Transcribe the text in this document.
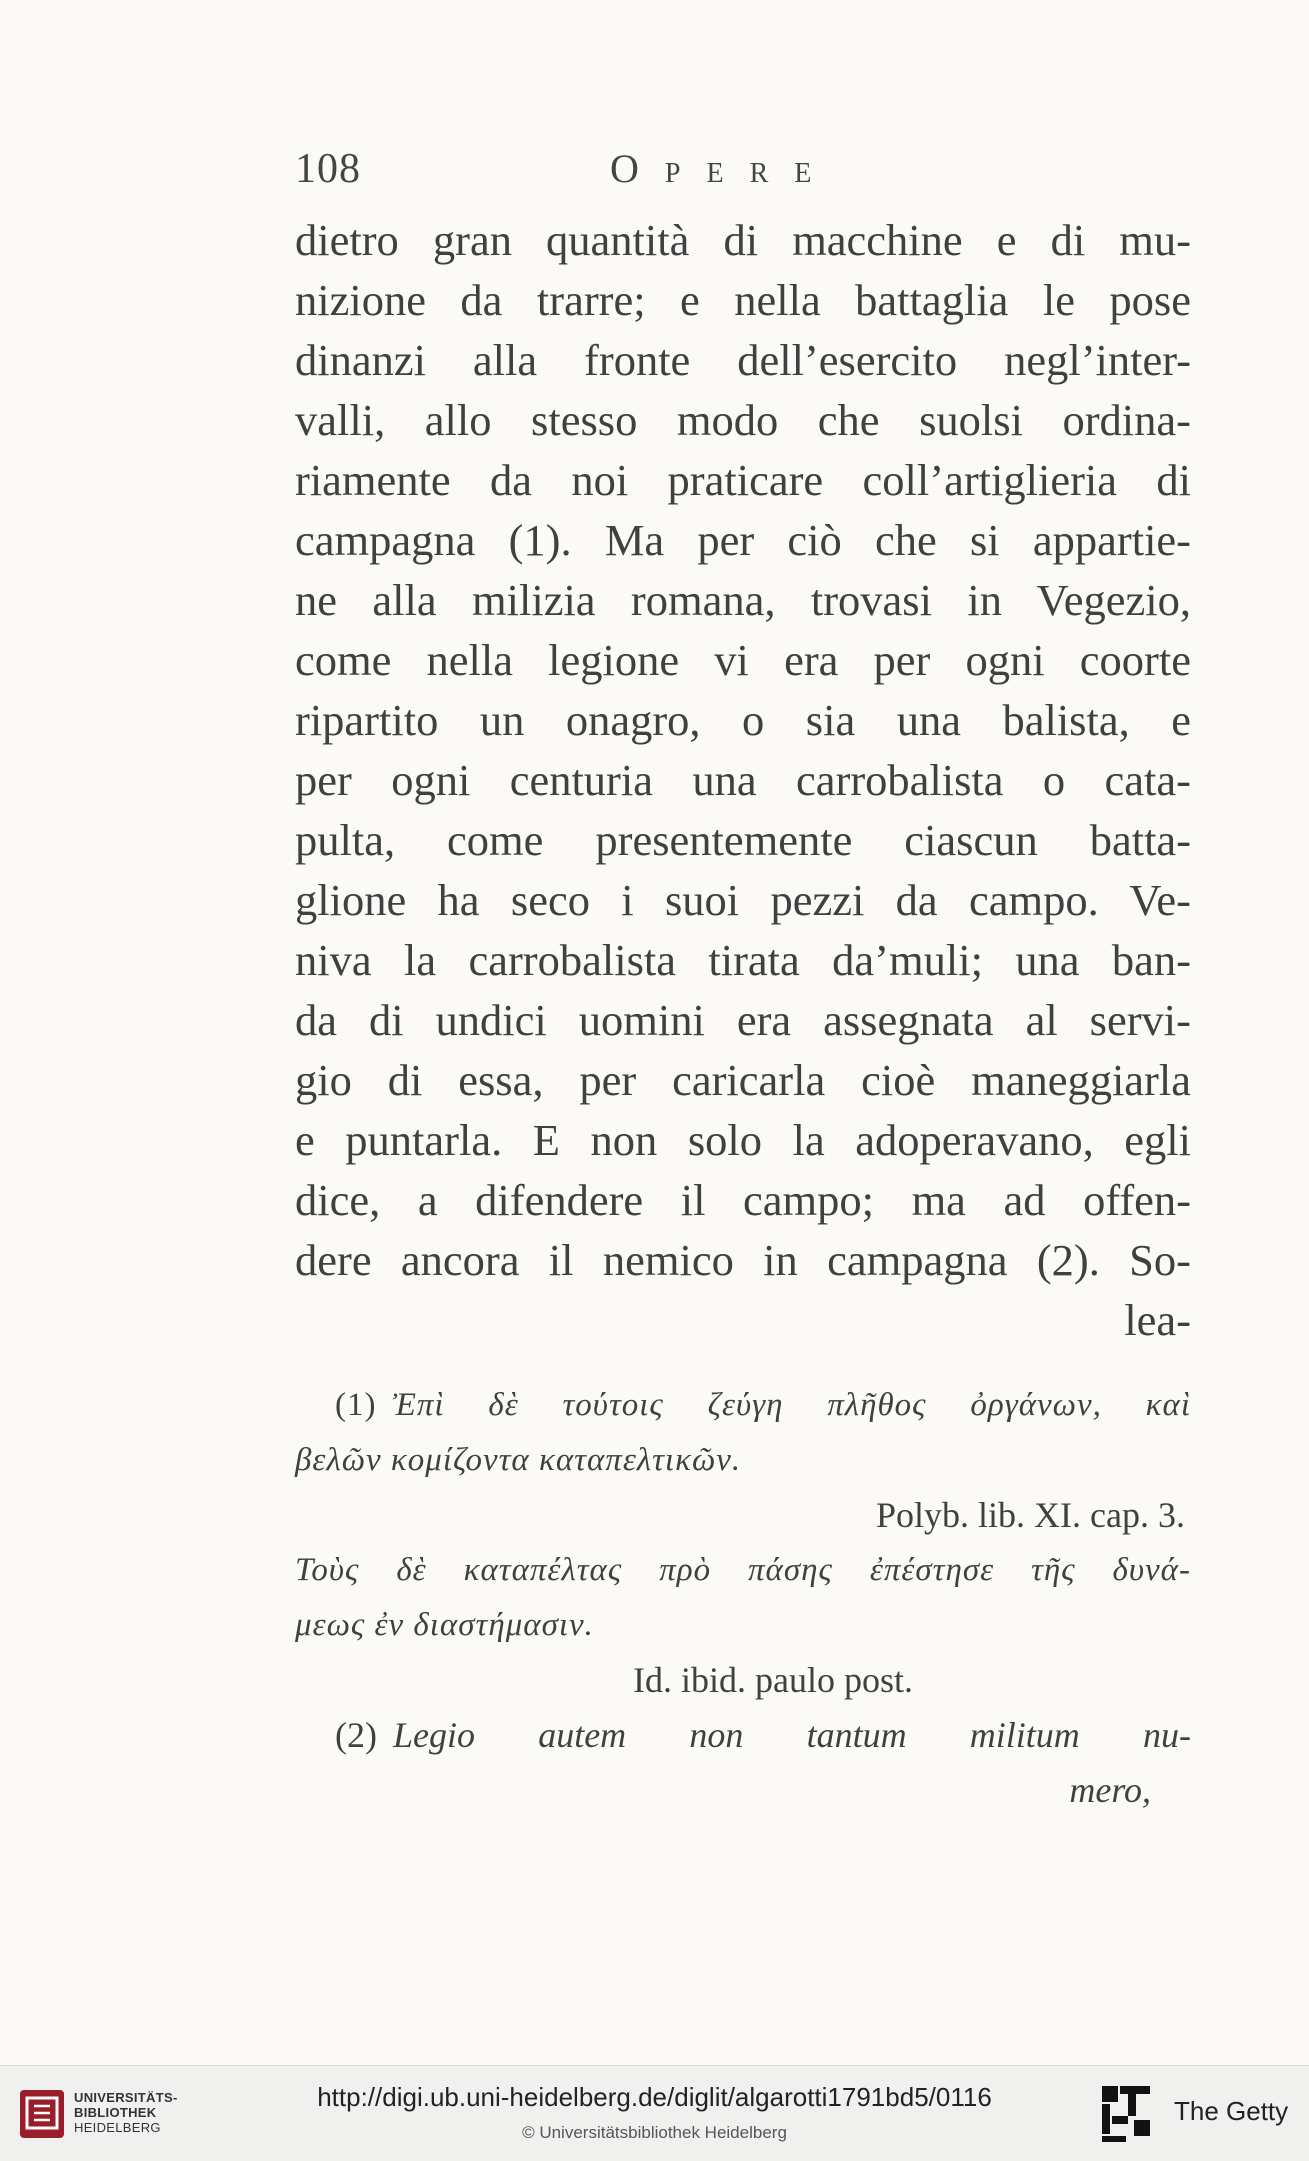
108	Opere
dietro gran quantità di macchine e di mu-
nizione da trarre; e nella battaglia le pose
dinanzi alla fronte dell’esercito negl’inter-
valli, allo stesso modo che suolsi ordina-
riamente da noi praticare coll’artiglieria di
campagna (1). Ma per ciò che si appartie-
ne alla milizia romana, trovasi in Vegezio,
come nella legione vi era per ogni coorte
ripartito un onagro, o sia una balista, e
per ogni centuria una carrobalista o cata-
pulta, come presentemente ciascun batta-
glione ha seco i suoi pezzi da campo. Ve-
niva la carrobalista tirata da’muli; una ban-
da di undici uomini era assegnata al servi-
gio di essa, per caricarla cioè maneggiarla
e puntarla. E non solo la adoperavano, egli
dice, a difendere il campo; ma ad offen-
dere ancora il nemico in campagna (2). So-
lea-
(1) Ἐπὶ δὲ τούτοις ζεύγη πλῆθος ὀργάνων, καὶ
βελῶν κομίζοντα καταπελτικῶν.
Polyb. lib. XI. cap. 3.
Τοὺς δὲ καταπέλτας πρὸ πάσης ἐπέστησε τῆς δυνά-
μεως ἐν διαστήμασιν.
Id. ibid. paulo post.
(2) Legio autem non tantum militum nu-
mero,
UNIVERSITÄTS-
BIBLIOTHEK
HEIDELBERG
http://digi.ub.uni-heidelberg.de/diglit/algarotti1791bd5/0116
© Universitätsbibliothek Heidelberg
The Getty
